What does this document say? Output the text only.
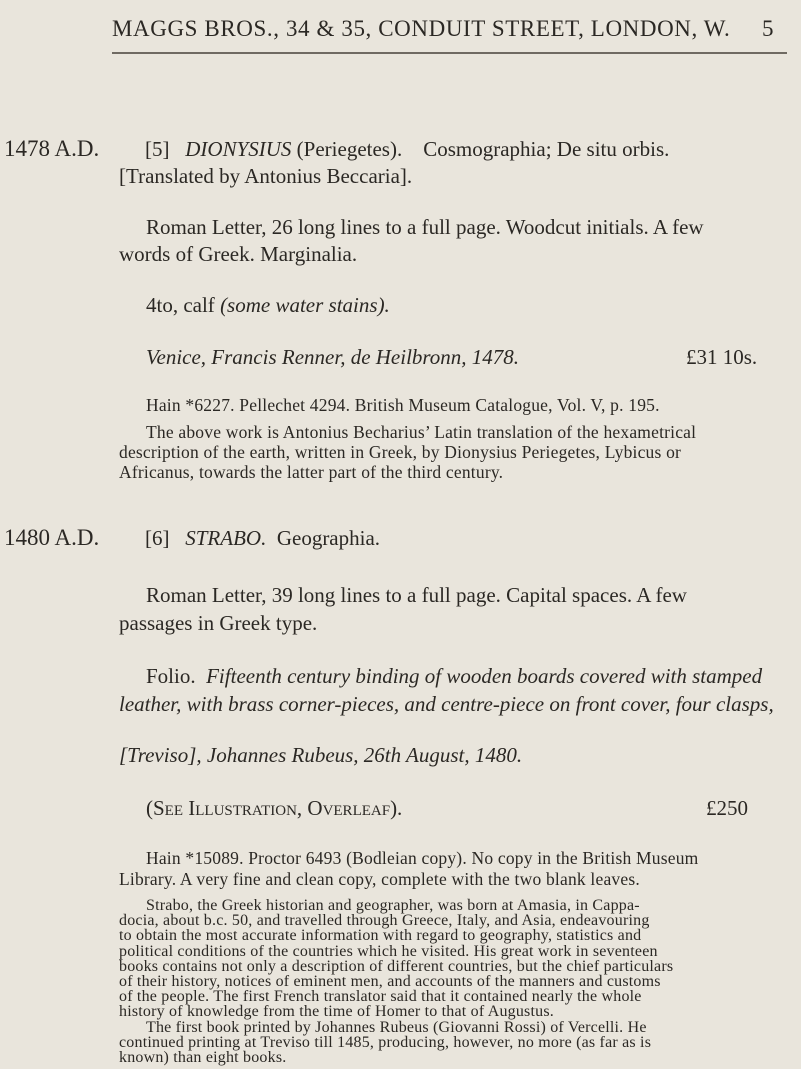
MAGGS BROS., 34 & 35, CONDUIT STREET, LONDON, W. 5
1478 A.D. [5] DIONYSIUS (Periegetes). Cosmographia; De situ orbis.
[Translated by Antonius Beccaria].
Roman Letter, 26 long lines to a full page. Woodcut initials. A few
words of Greek. Marginalia.
4to, calf (some water stains).
Venice, Francis Renner, de Heilbronn, 1478.	£31 10s.
Hain *6227. Pellechet 4294. British Museum Catalogue, Vol. V, p. 195.
The above work is Antonius Becharius’ Latin translation of the hexametrical
description of the earth, written in Greek, by Dionysius Periegetes, Lybicus or
Africanus, towards the latter part of the third century.
1480 A.D. [6] STRABO. Geographia.
Roman Letter, 39 long lines to a full page. Capital spaces. A few
passages in Greek type.
Folio. Fifteenth century binding of wooden boards covered with stamped
leather, with brass corner-pieces, and centre-piece on front cover, four clasps,
[Treviso], Johannes Rubeus, 26th August, 1480.
(See Illustration, Overleaf).	£250
Hain *15089. Proctor 6493 (Bodleian copy). No copy in the British Museum
Library. A very fine and clean copy, complete with the two blank leaves.
Strabo, the Greek historian and geographer, was born at Amasia, in Cappa-
docia, about b.c. 50, and travelled through Greece, Italy, and Asia, endeavouring
to obtain the most accurate information with regard to geography, statistics and
political conditions of the countries which he visited. His great work in seventeen
books contains not only a description of different countries, but the chief particulars
of their history, notices of eminent men, and accounts of the manners and customs
of the people. The first French translator said that it contained nearly the whole
history of knowledge from the time of Homer to that of Augustus.
The first book printed by Johannes Rubeus (Giovanni Rossi) of Vercelli. He
continued printing at Treviso till 1485, producing, however, no more (as far as is
known) than eight books.
